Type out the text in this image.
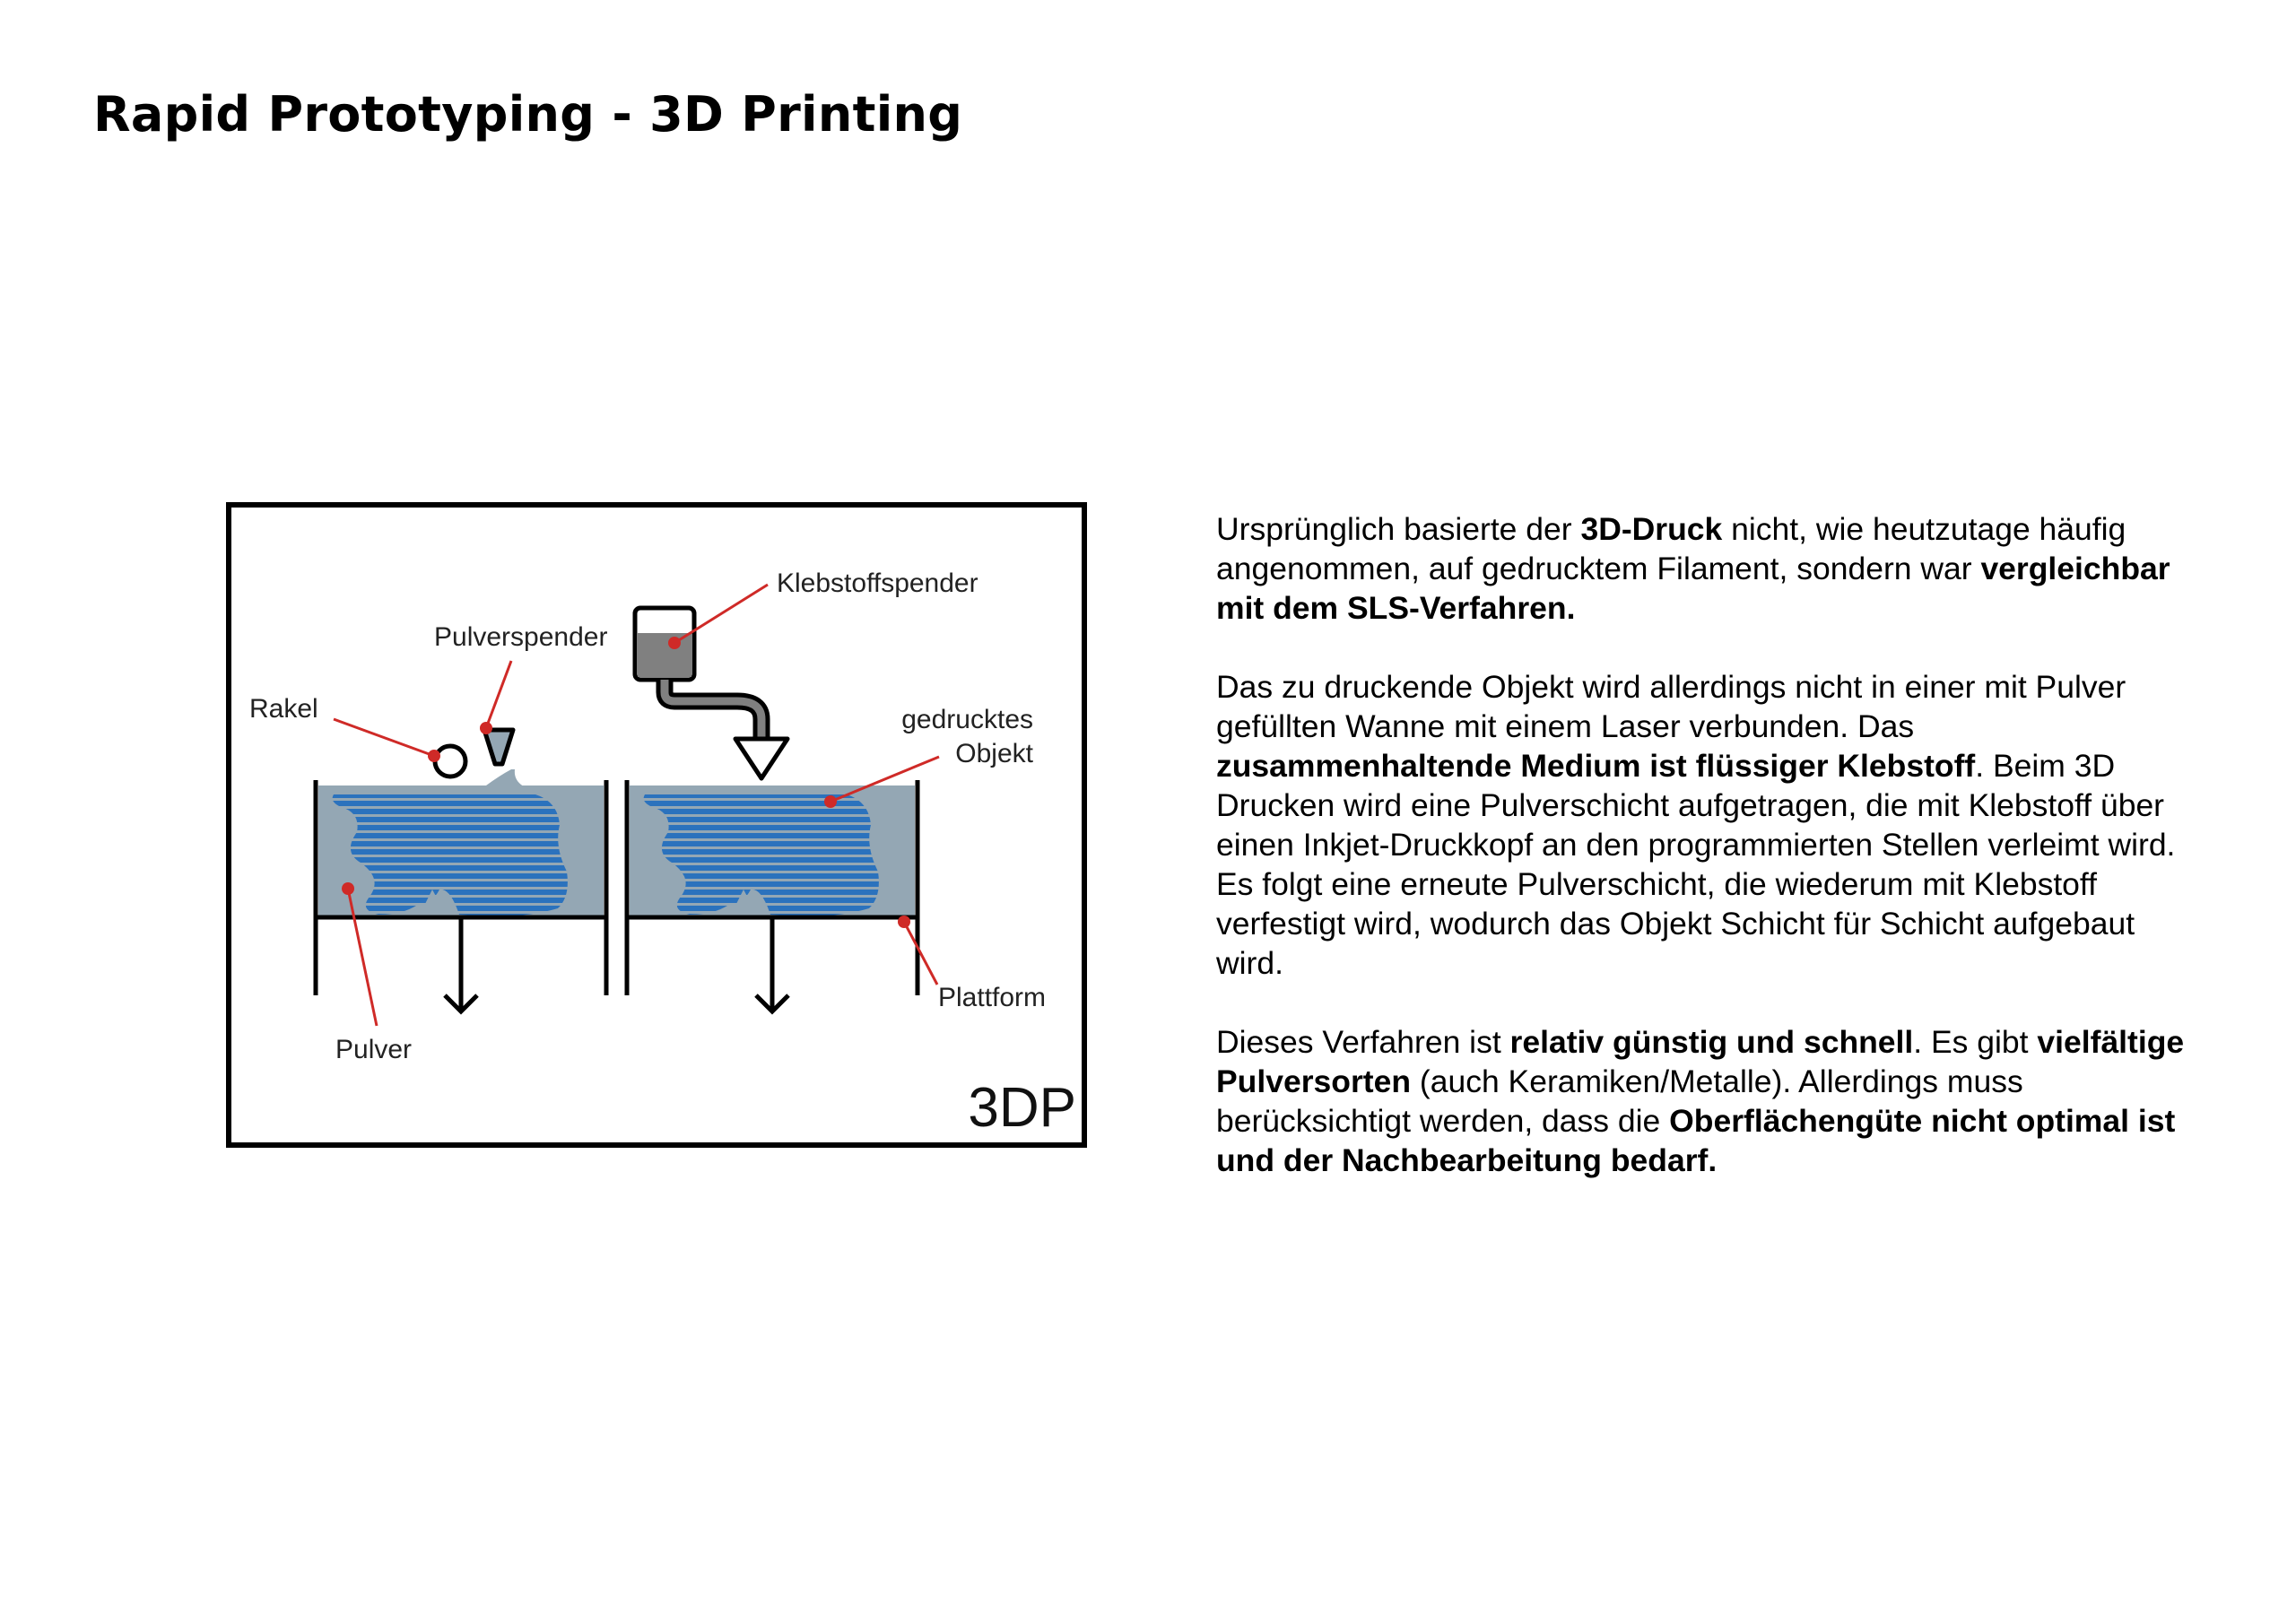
Rapid Prototyping - 3D Printing
Klebstoffspender
Pulverspender
Rakel	gedrucktes
Objekt
Plattform
Pulver
3DP

Ursprünglich basierte der 3D-Druck nicht, wie heutzutage häufig angenommen, auf gedrucktem Filament, sondern war vergleichbar mit dem SLS-Verfahren.

Das zu druckende Objekt wird allerdings nicht in einer mit Pulver gefüllten Wanne mit einem Laser verbunden. Das zusammenhaltende Medium ist flüssiger Klebstoff. Beim 3D Drucken wird eine Pulverschicht aufgetragen, die mit Klebstoff über einen Inkjet-Druckkopf an den programmierten Stellen verleimt wird. Es folgt eine erneute Pulverschicht, die wiederum mit Klebstoff verfestigt wird, wodurch das Objekt Schicht für Schicht aufgebaut wird.

Dieses Verfahren ist relativ günstig und schnell. Es gibt vielfältige Pulversorten (auch Keramiken/Metalle). Allerdings muss berücksichtigt werden, dass die Oberflächengüte nicht optimal ist und der Nachbearbeitung bedarf.
